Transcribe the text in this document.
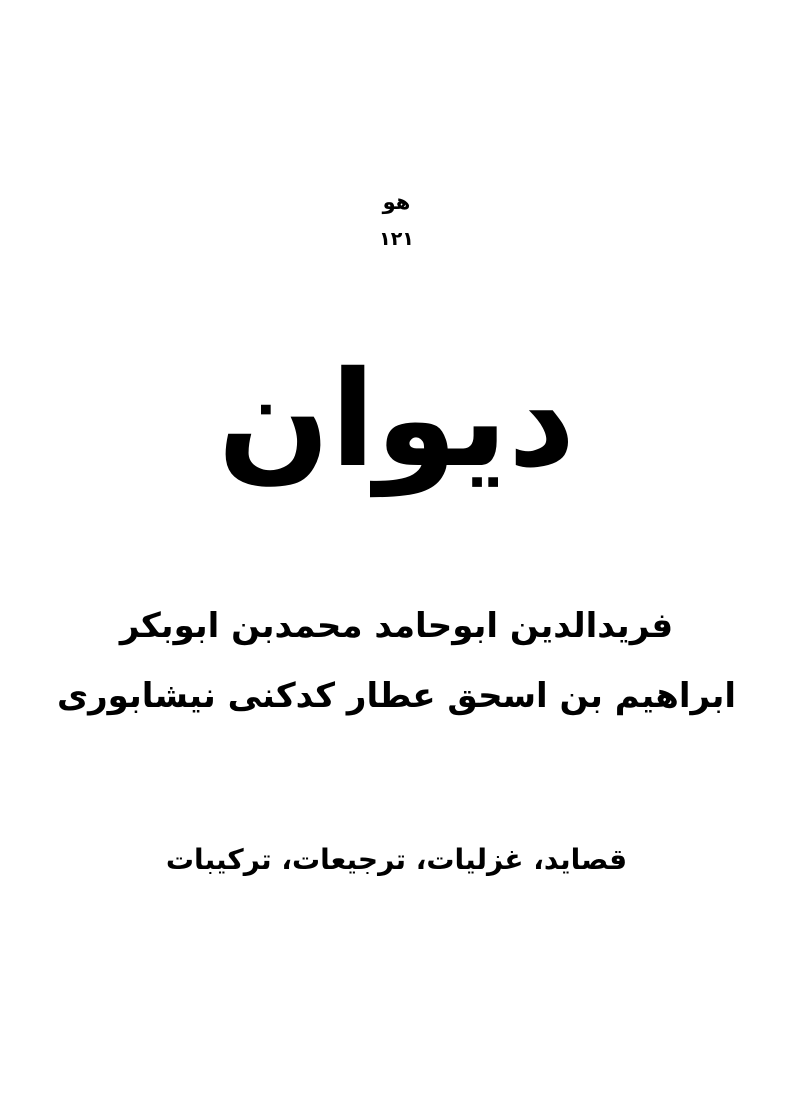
هو
۱۲۱
دیوان
فریدالدین ابوحامد محمدبن ابوبکر
ابراهیم بن اسحق عطار کدکنی نیشابوری
قصاید، غزلیات، ترجیعات، ترکیبات
